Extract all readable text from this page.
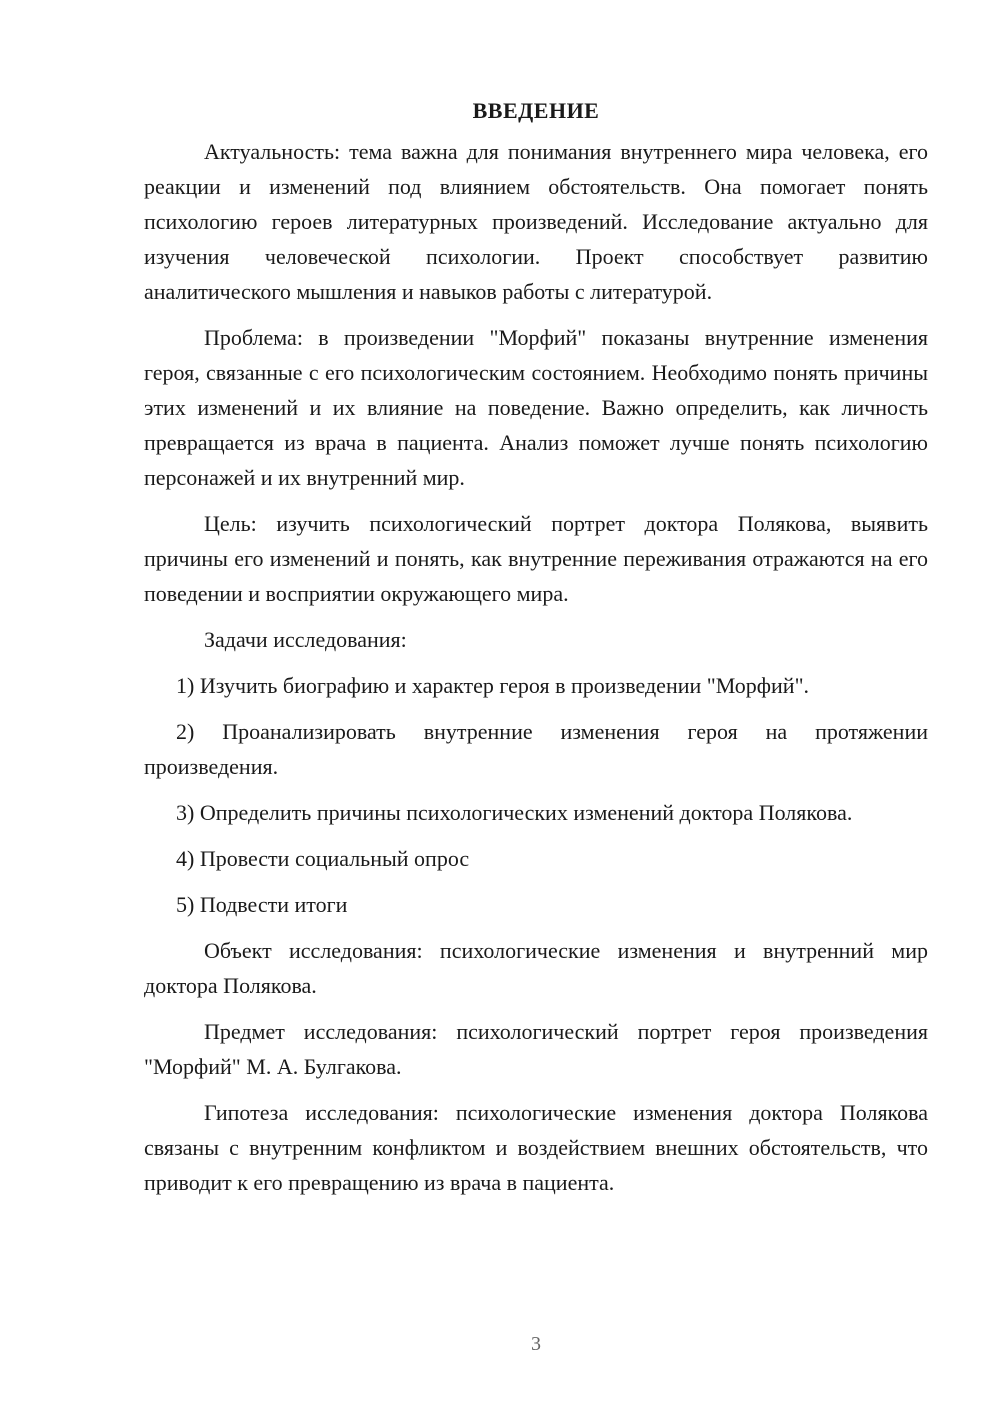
ВВЕДЕНИЕ

Актуальность: тема важна для понимания внутреннего мира человека, его реакции и изменений под влиянием обстоятельств. Она помогает понять психологию героев литературных произведений. Исследование актуально для изучения человеческой психологии. Проект способствует развитию аналитического мышления и навыков работы с литературой.

Проблема: в произведении "Морфий" показаны внутренние изменения героя, связанные с его психологическим состоянием. Необходимо понять причины этих изменений и их влияние на поведение. Важно определить, как личность превращается из врача в пациента. Анализ поможет лучше понять психологию персонажей и их внутренний мир.

Цель: изучить психологический портрет доктора Полякова, выявить причины его изменений и понять, как внутренние переживания отражаются на его поведении и восприятии окружающего мира.

Задачи исследования:

1) Изучить биографию и характер героя в произведении "Морфий".

2) Проанализировать внутренние изменения героя на протяжении произведения.

3) Определить причины психологических изменений доктора Полякова.

4) Провести социальный опрос

5) Подвести итоги

Объект исследования: психологические изменения и внутренний мир доктора Полякова.

Предмет исследования: психологический портрет героя произведения "Морфий" М. А. Булгакова.

Гипотеза исследования: психологические изменения доктора Полякова связаны с внутренним конфликтом и воздействием внешних обстоятельств, что приводит к его превращению из врача в пациента.

3
